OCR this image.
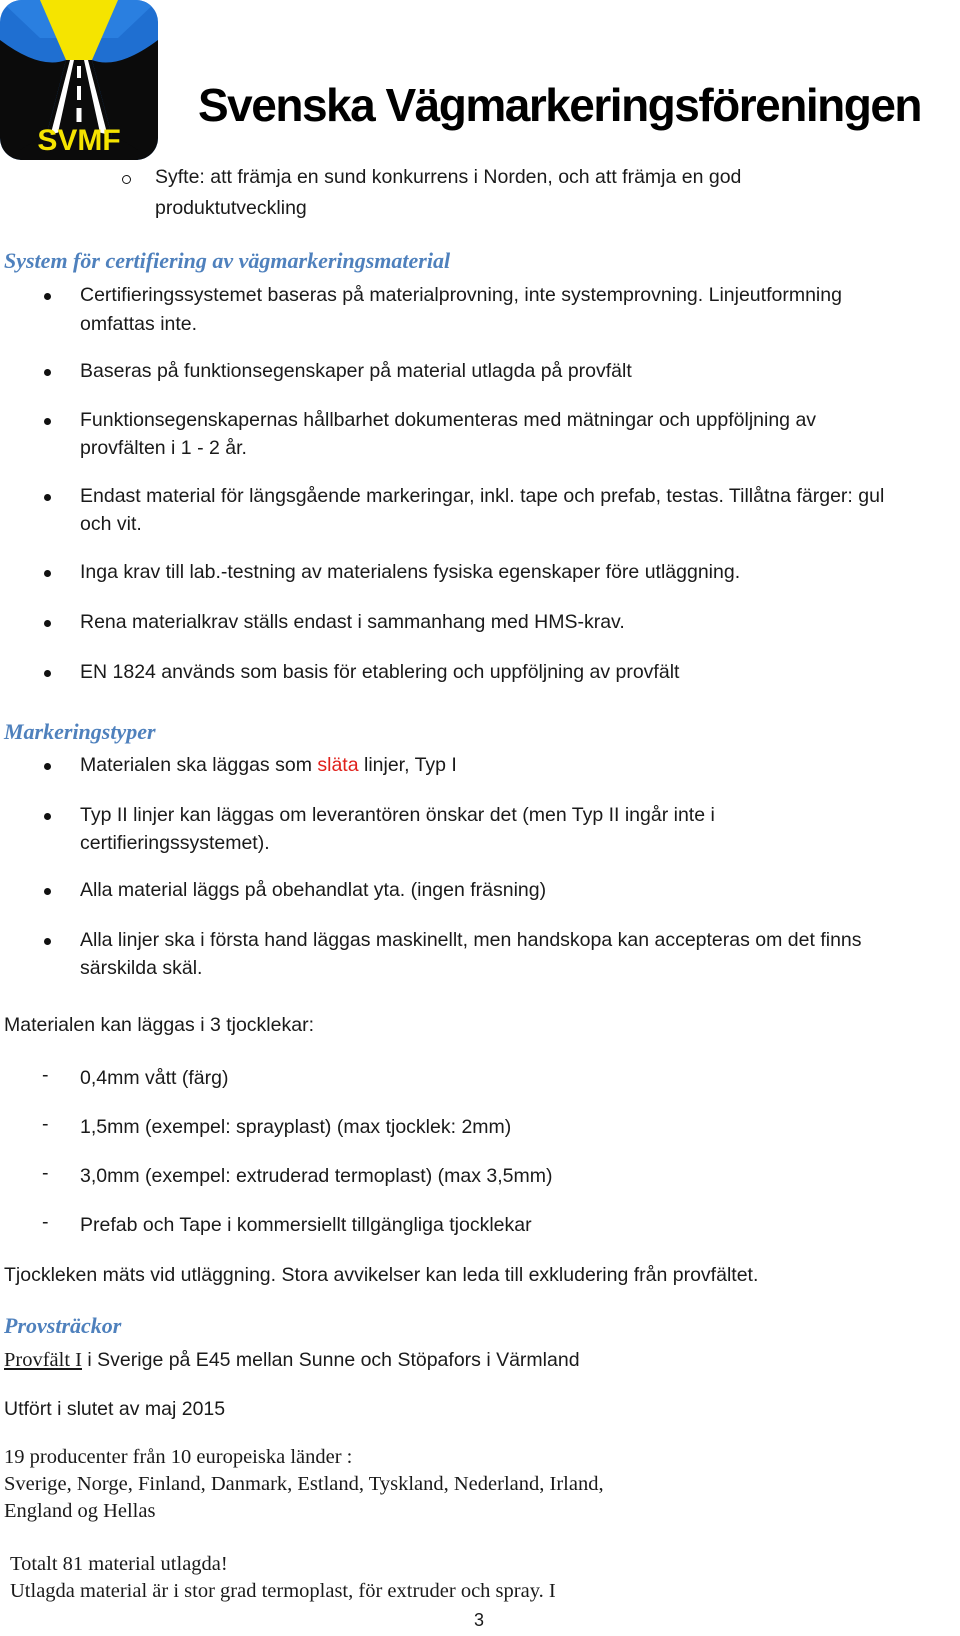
SVMF
Svenska Vägmarkeringsföreningen
Syfte: att främja en sund konkurrens i Norden, och att främja en god
produktutveckling
System för certifiering av vägmarkeringsmaterial
Certifieringssystemet baseras på materialprovning, inte systemprovning. Linjeutformning
omfattas inte.
Baseras på funktionsegenskaper på material utlagda på provfält
Funktionsegenskapernas hållbarhet dokumenteras med mätningar och uppföljning av
provfälten i 1 - 2 år.
Endast material för längsgående markeringar, inkl. tape och prefab, testas. Tillåtna färger: gul
och vit.
Inga krav till lab.-testning av materialens fysiska egenskaper före utläggning.
Rena materialkrav ställs endast i sammanhang med HMS-krav.
EN 1824 används som basis för etablering och uppföljning av provfält
Markeringstyper
Materialen ska läggas som släta linjer, Typ I
Typ II linjer kan läggas om leverantören önskar det (men Typ II ingår inte i
certifieringssystemet).
Alla material läggs på obehandlat yta. (ingen fräsning)
Alla linjer ska i första hand läggas maskinellt, men handskopa kan accepteras om det finns
särskilda skäl.
Materialen kan läggas i 3 tjocklekar:
- 0,4mm vått (färg)
- 1,5mm (exempel: sprayplast) (max tjocklek: 2mm)
- 3,0mm (exempel: extruderad termoplast) (max 3,5mm)
- Prefab och Tape i kommersiellt tillgängliga tjocklekar
Tjockleken mäts vid utläggning. Stora avvikelser kan leda till exkludering från provfältet.
Provsträckor
Provfält I i Sverige på E45 mellan Sunne och Stöpafors i Värmland
Utfört i slutet av maj 2015
19 producenter från 10 europeiska länder :
Sverige, Norge, Finland, Danmark, Estland, Tyskland, Nederland, Irland,
England og Hellas
Totalt 81 material utlagda!
Utlagda material är i stor grad termoplast, för extruder och spray. I
3
